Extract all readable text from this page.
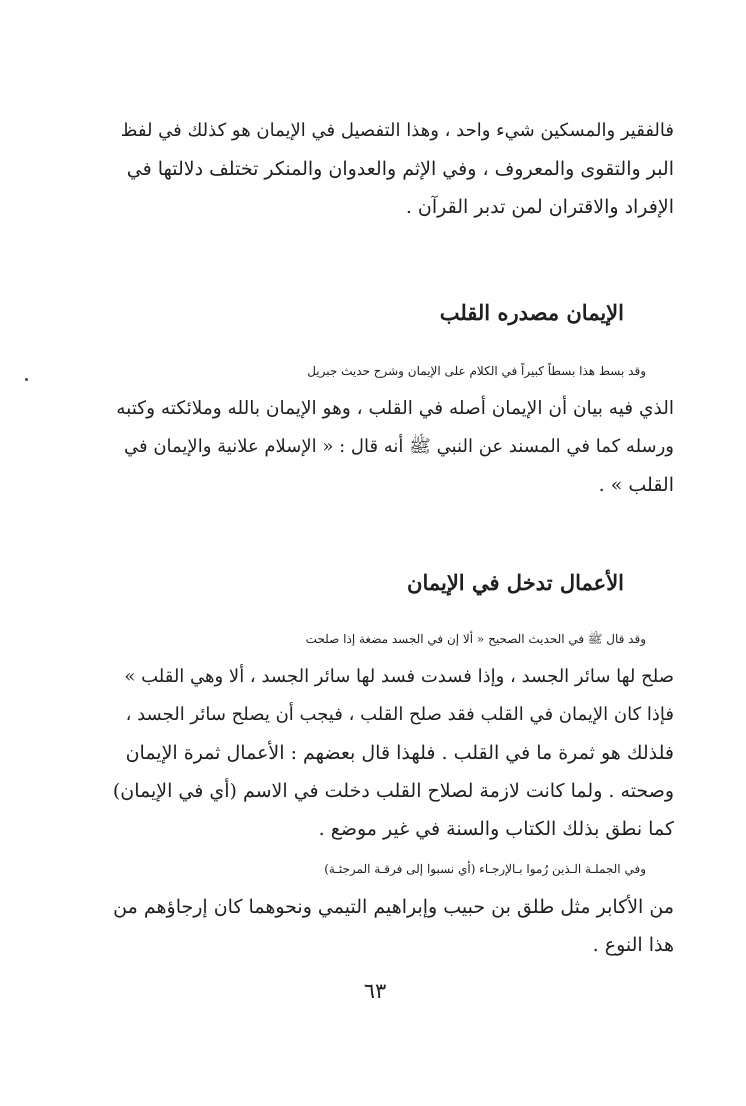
فالفقير والمسكين شيء واحد ، وهذا التفصيل في الإيمان هو كذلك في لفظ
البر والتقوى والمعروف ، وفي الإثم والعدوان والمنكر تختلف دلالتها في
الإفراد والاقتران لمن تدبر القرآن .
الإيمان مصدره القلب
وقد بسط هذا بسطاً كبيراً في الكلام على الإيمان وشرح حديث جبريل
الذي فيه بيان أن الإيمان أصله في القلب ، وهو الإيمان بالله وملائكته وكتبه
ورسله كما في المسند عن النبي ﷺ أنه قال : « الإسلام علانية والإيمان في
القلب » .
الأعمال تدخل في الإيمان
وقد قال ﷺ في الحديث الصحيح « ألا إن في الجسد مضغة إذا صلحت
صلح لها سائر الجسد ، وإذا فسدت فسد لها سائر الجسد ، ألا وهي القلب »
فإذا كان الإيمان في القلب فقد صلح القلب ، فيجب أن يصلح سائر الجسد ،
فلذلك هو ثمرة ما في القلب . فلهذا قال بعضهم : الأعمال ثمرة الإيمان
وصحته . ولما كانت لازمة لصلاح القلب دخلت في الاسم (أي في الإيمان)
كما نطق بذلك الكتاب والسنة في غير موضع .
وفي الجملـة الـذين رُموا بـالإرجـاء (أي نسبوا إلى فرقـة المرجئـة)
من الأكابر مثل طلق بن حبيب وإبراهيم التيمي ونحوهما كان إرجاؤهم من
هذا النوع .
٦٣
